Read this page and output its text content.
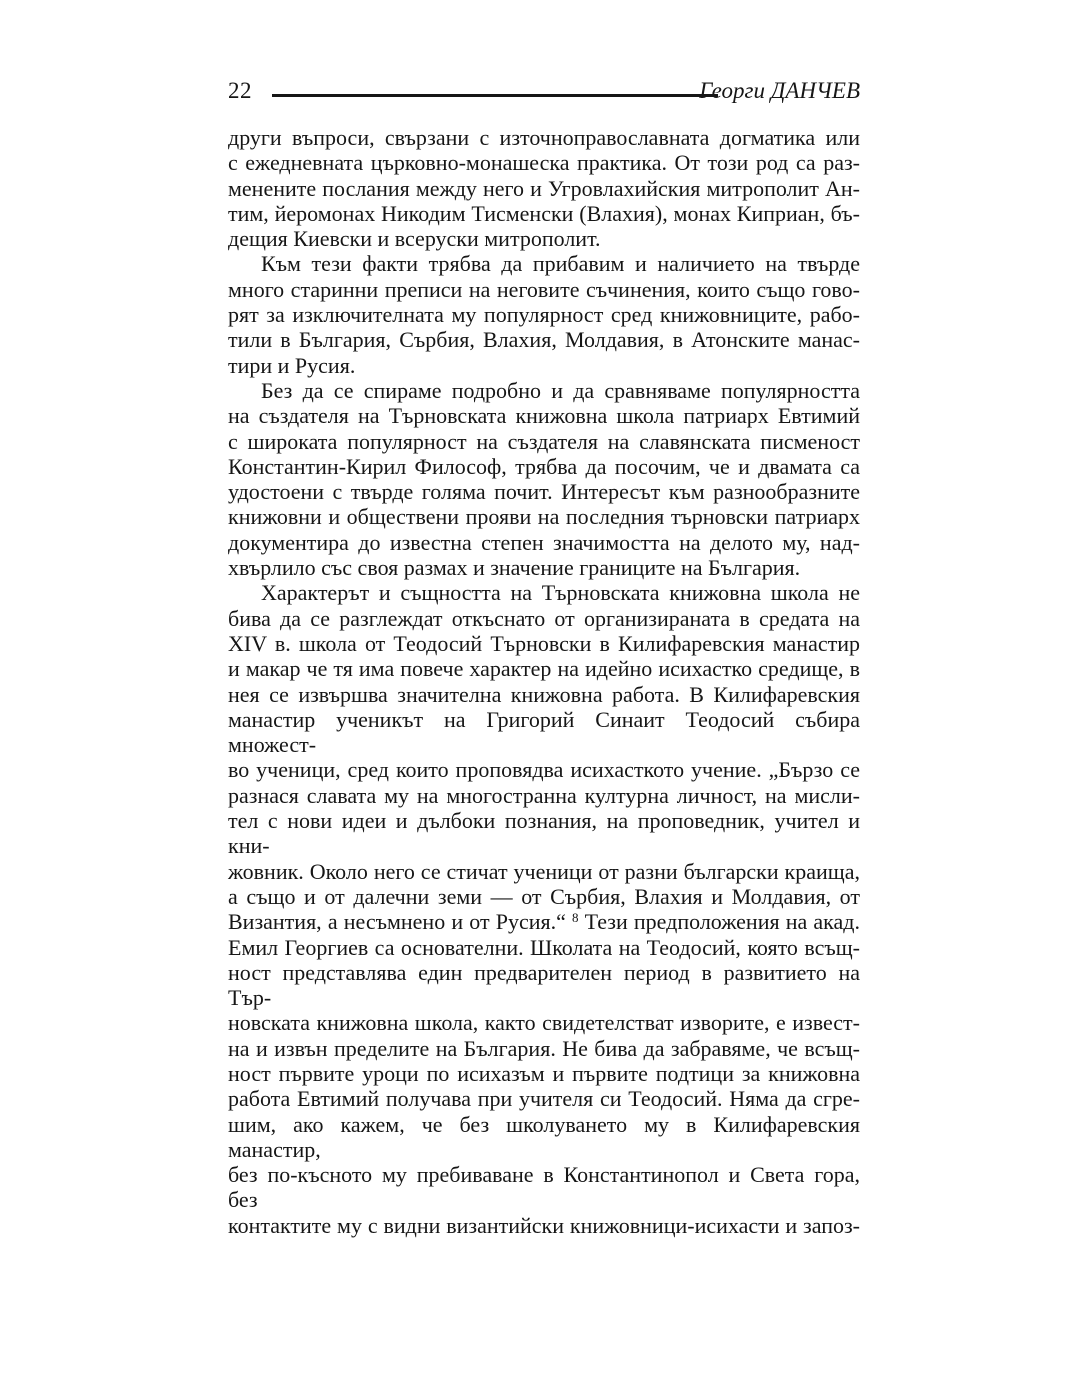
22	Георги ДАНЧЕВ
други въпроси, свързани с източноправославната догматика или
с ежедневната църковно-монашеска практика. От този род са раз-
менените послания между него и Угровлахийския митрополит Ан-
тим, йеромонах Никодим Тисменски (Влахия), монах Киприан, бъ-
дещия Киевски и всеруски митрополит.
Към тези факти трябва да прибавим и наличието на твърде
много старинни преписи на неговите съчинения, които също гово-
рят за изключителната му популярност сред книжовниците, рабо-
тили в България, Сърбия, Влахия, Молдавия, в Атонските манас-
тири и Русия.
Без да се спираме подробно и да сравняваме популярността
на създателя на Търновската книжовна школа патриарх Евтимий
с широката популярност на създателя на славянската писменост
Константин-Кирил Философ, трябва да посочим, че и двамата са
удостоени с твърде голяма почит. Интересът към разнообразните
книжовни и обществени прояви на последния търновски патриарх
документира до известна степен значимостта на делото му, над-
хвърлило със своя размах и значение границите на България.
Характерът и същността на Търновската книжовна школа не
бива да се разглеждат откъснато от организираната в средата на
XIV в. школа от Теодосий Търновски в Килифаревския манастир
и макар че тя има повече характер на идейно исихастко средище, в
нея се извършва значителна книжовна работа. В Килифаревския
манастир ученикът на Григорий Синаит Теодосий събира множест-
во ученици, сред които проповядва исихасткото учение. „Бързо се
разнася славата му на многостранна културна личност, на мисли-
тел с нови идеи и дълбоки познания, на проповедник, учител и кни-
жовник. Около него се стичат ученици от разни български краища,
а също и от далечни земи — от Сърбия, Влахия и Молдавия, от
Византия, а несъмнено и от Русия.“ $^8$ Тези предположения на акад.
Емил Георгиев са основателни. Школата на Теодосий, която всъщ-
ност представлява един предварителен период в развитието на Тър-
новската книжовна школа, както свидетелстват изворите, е извест-
на и извън пределите на България. Не бива да забравяме, че всъщ-
ност първите уроци по исихазъм и първите подтици за книжовна
работа Евтимий получава при учителя си Теодосий. Няма да сгре-
шим, ако кажем, че без школуването му в Килифаревския манастир,
без по-късното му пребиваване в Константинопол и Света гора, без
контактите му с видни византийски книжовници-исихасти и запоз-
